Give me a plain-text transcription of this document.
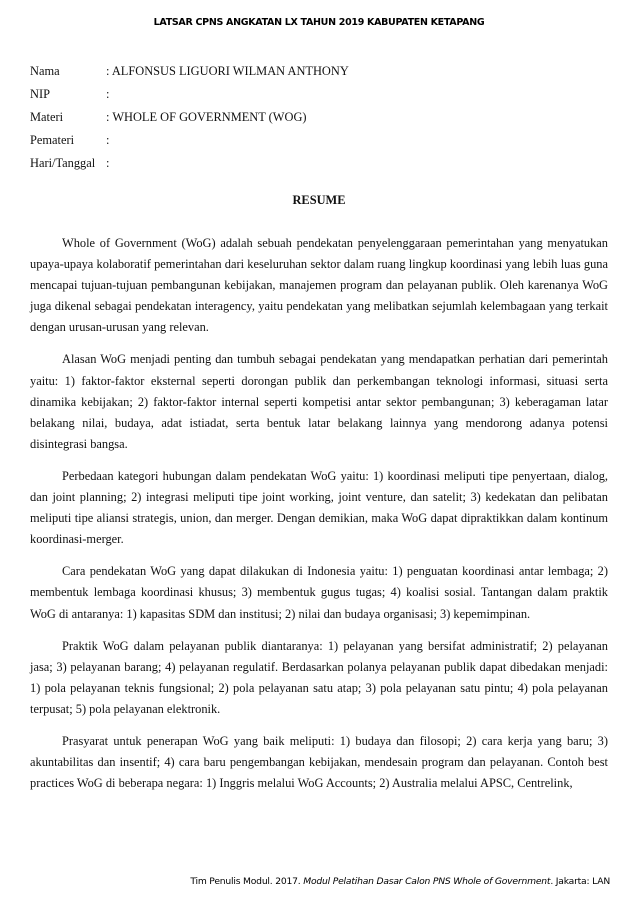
LATSAR CPNS ANGKATAN LX TAHUN 2019 KABUPATEN KETAPANG
Nama	: ALFONSUS LIGUORI WILMAN ANTHONY
NIP	:
Materi	: WHOLE OF GOVERNMENT (WOG)
Pemateri	:
Hari/Tanggal :
RESUME

Whole of Government (WoG) adalah sebuah pendekatan penyelenggaraan pemerintahan yang menyatukan upaya-upaya kolaboratif pemerintahan dari keseluruhan sektor dalam ruang lingkup koordinasi yang lebih luas guna mencapai tujuan-tujuan pembangunan kebijakan, manajemen program dan pelayanan publik. Oleh karenanya WoG juga dikenal sebagai pendekatan interagency, yaitu pendekatan yang melibatkan sejumlah kelembagaan yang terkait dengan urusan-urusan yang relevan.

Alasan WoG menjadi penting dan tumbuh sebagai pendekatan yang mendapatkan perhatian dari pemerintah yaitu: 1) faktor-faktor eksternal seperti dorongan publik dan perkembangan teknologi informasi, situasi serta dinamika kebijakan; 2) faktor-faktor internal seperti kompetisi antar sektor pembangunan; 3) keberagaman latar belakang nilai, budaya, adat istiadat, serta bentuk latar belakang lainnya yang mendorong adanya potensi disintegrasi bangsa.

Perbedaan kategori hubungan dalam pendekatan WoG yaitu: 1) koordinasi meliputi tipe penyertaan, dialog, dan joint planning; 2) integrasi meliputi tipe joint working, joint venture, dan satelit; 3) kedekatan dan pelibatan meliputi tipe aliansi strategis, union, dan merger. Dengan demikian, maka WoG dapat dipraktikkan dalam kontinum koordinasi-merger.

Cara pendekatan WoG yang dapat dilakukan di Indonesia yaitu: 1) penguatan koordinasi antar lembaga; 2) membentuk lembaga koordinasi khusus; 3) membentuk gugus tugas; 4) koalisi sosial. Tantangan dalam praktik WoG di antaranya: 1) kapasitas SDM dan institusi; 2) nilai dan budaya organisasi; 3) kepemimpinan.

Praktik WoG dalam pelayanan publik diantaranya: 1) pelayanan yang bersifat administratif; 2) pelayanan jasa; 3) pelayanan barang; 4) pelayanan regulatif. Berdasarkan polanya pelayanan publik dapat dibedakan menjadi: 1) pola pelayanan teknis fungsional; 2) pola pelayanan satu atap; 3) pola pelayanan satu pintu; 4) pola pelayanan terpusat; 5) pola pelayanan elektronik.

Prasyarat untuk penerapan WoG yang baik meliputi: 1) budaya dan filosopi; 2) cara kerja yang baru; 3) akuntabilitas dan insentif; 4) cara baru pengembangan kebijakan, mendesain program dan pelayanan. Contoh best practices WoG di beberapa negara: 1) Inggris melalui WoG Accounts; 2) Australia melalui APSC, Centrelink,

Tim Penulis Modul. 2017. Modul Pelatihan Dasar Calon PNS Whole of Government. Jakarta: LAN
